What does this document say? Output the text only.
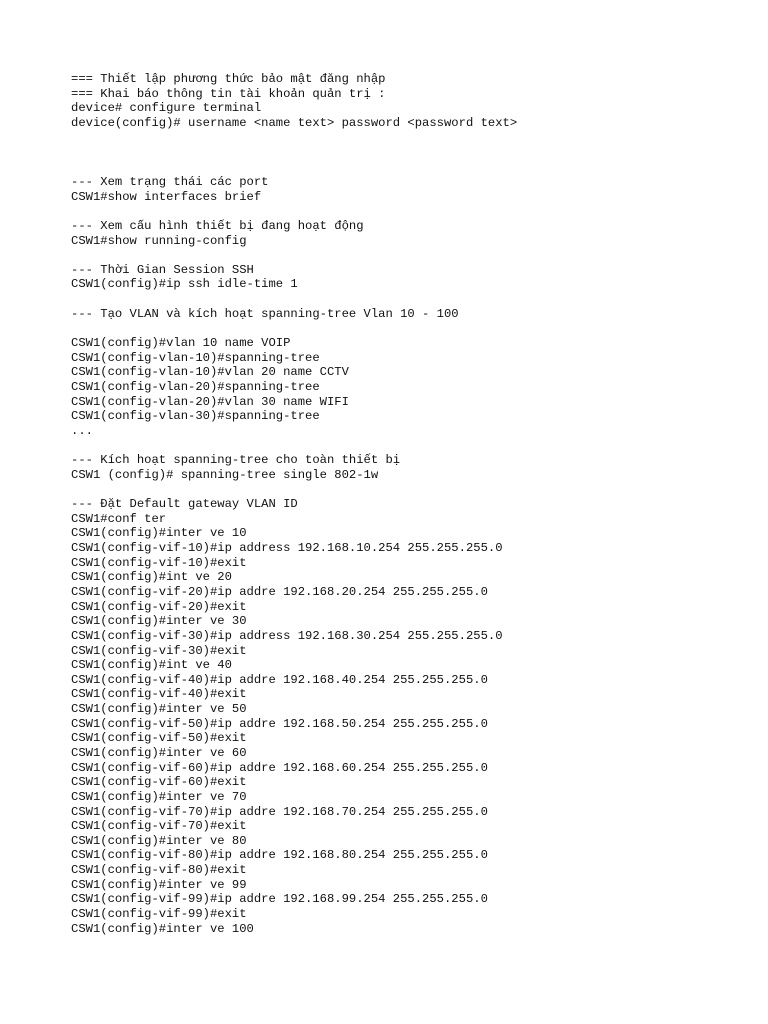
=== Thiết lập phương thức bảo mật đăng nhập
=== Khai báo thông tin tài khoản quản trị :
device# configure terminal
device(config)# username <name text> password <password text>
--- Xem trạng thái các port
CSW1#show interfaces brief
--- Xem cấu hình thiết bị đang hoạt động
CSW1#show running-config
--- Thời Gian Session SSH
CSW1(config)#ip ssh idle-time 1
--- Tạo VLAN và kích hoạt spanning-tree Vlan 10 - 100
CSW1(config)#vlan 10 name VOIP
CSW1(config-vlan-10)#spanning-tree
CSW1(config-vlan-10)#vlan 20 name CCTV
CSW1(config-vlan-20)#spanning-tree
CSW1(config-vlan-20)#vlan 30 name WIFI
CSW1(config-vlan-30)#spanning-tree
...
--- Kích hoạt spanning-tree cho toàn thiết bị
CSW1 (config)# spanning-tree single 802-1w
--- Đặt Default gateway VLAN ID
CSW1#conf ter
CSW1(config)#inter ve 10
CSW1(config-vif-10)#ip address 192.168.10.254 255.255.255.0
CSW1(config-vif-10)#exit
CSW1(config)#int ve 20
CSW1(config-vif-20)#ip addre 192.168.20.254 255.255.255.0
CSW1(config-vif-20)#exit
CSW1(config)#inter ve 30
CSW1(config-vif-30)#ip address 192.168.30.254 255.255.255.0
CSW1(config-vif-30)#exit
CSW1(config)#int ve 40
CSW1(config-vif-40)#ip addre 192.168.40.254 255.255.255.0
CSW1(config-vif-40)#exit
CSW1(config)#inter ve 50
CSW1(config-vif-50)#ip addre 192.168.50.254 255.255.255.0
CSW1(config-vif-50)#exit
CSW1(config)#inter ve 60
CSW1(config-vif-60)#ip addre 192.168.60.254 255.255.255.0
CSW1(config-vif-60)#exit
CSW1(config)#inter ve 70
CSW1(config-vif-70)#ip addre 192.168.70.254 255.255.255.0
CSW1(config-vif-70)#exit
CSW1(config)#inter ve 80
CSW1(config-vif-80)#ip addre 192.168.80.254 255.255.255.0
CSW1(config-vif-80)#exit
CSW1(config)#inter ve 99
CSW1(config-vif-99)#ip addre 192.168.99.254 255.255.255.0
CSW1(config-vif-99)#exit
CSW1(config)#inter ve 100
